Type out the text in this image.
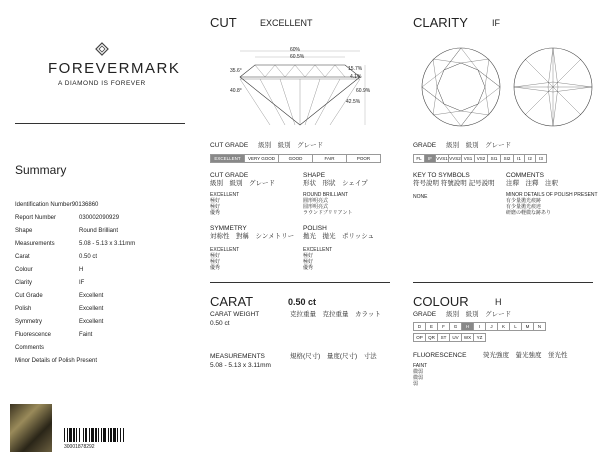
FOREVERMARK
A DIAMOND IS FOREVER
Summary
Identification Number 90136860
Report Number	030002090929
Shape	Round Brilliant
Measurements	5.08 - 5.13 x 3.11mm
Carat	0.50 ct
Colour	H
Clarity	IF
Cut Grade	Excellent
Polish	Excellent
Symmetry	Excellent
Fluorescence	Faint
Comments
Minor Details of Polish Present
30001878292
CUT	EXCELLENT
60%
60.5%
35.6°
40.8°
15.7%
4.1%
42.5%
60.9%
CUT GRADE 級別　級別　グレード
EXCELLENT	VERY GOOD	GOOD	FAIR	POOR
CUT GRADE
級別　級別　グレード
EXCELLENT
極好
極好
優秀
SHAPE
形状　形狀　シェイプ
ROUND BRILLIANT
圓形明亮式
圆形明亮式
ラウンドブリリアント
SYMMETRY
対称性　對稱　シンメトリー
EXCELLENT
極好
極好
優秀
POLISH
拋光　拋光　ポリッシュ
EXCELLENT
極好
極好
優秀
CLARITY	IF
GRADE 級別　級別　グレード
FL	IF VVS1 VVS2 VS1 VS2	SI1	SI2	I1	I2	I3
KEY TO SYMBOLS
符号說明 符號說明 記号説明
NONE
COMMENTS
注釋　注釋　注釈
MINOR DETAILS OF POLISH PRESENT
有少量拋光痕跡
有少量拋光痕迹
研磨の軽微な跡あり
CARAT	0.50 ct
CARAT WEIGHT	克拉重量　克拉重量　カラット
0.50 ct
MEASUREMENTS	規格(尺寸)　量度(尺寸)　寸法
5.08 - 5.13 x 3.11mm
COLOUR	H
GRADE 級別　級別　グレード
D	E	F	G	H	I	J	K	L	M	N
OP	QR	ST	UV	WX	YZ
FLUORESCENCE	熒光強度　螢光強度　蛍光性
FAINT
微弱
微弱
弱
